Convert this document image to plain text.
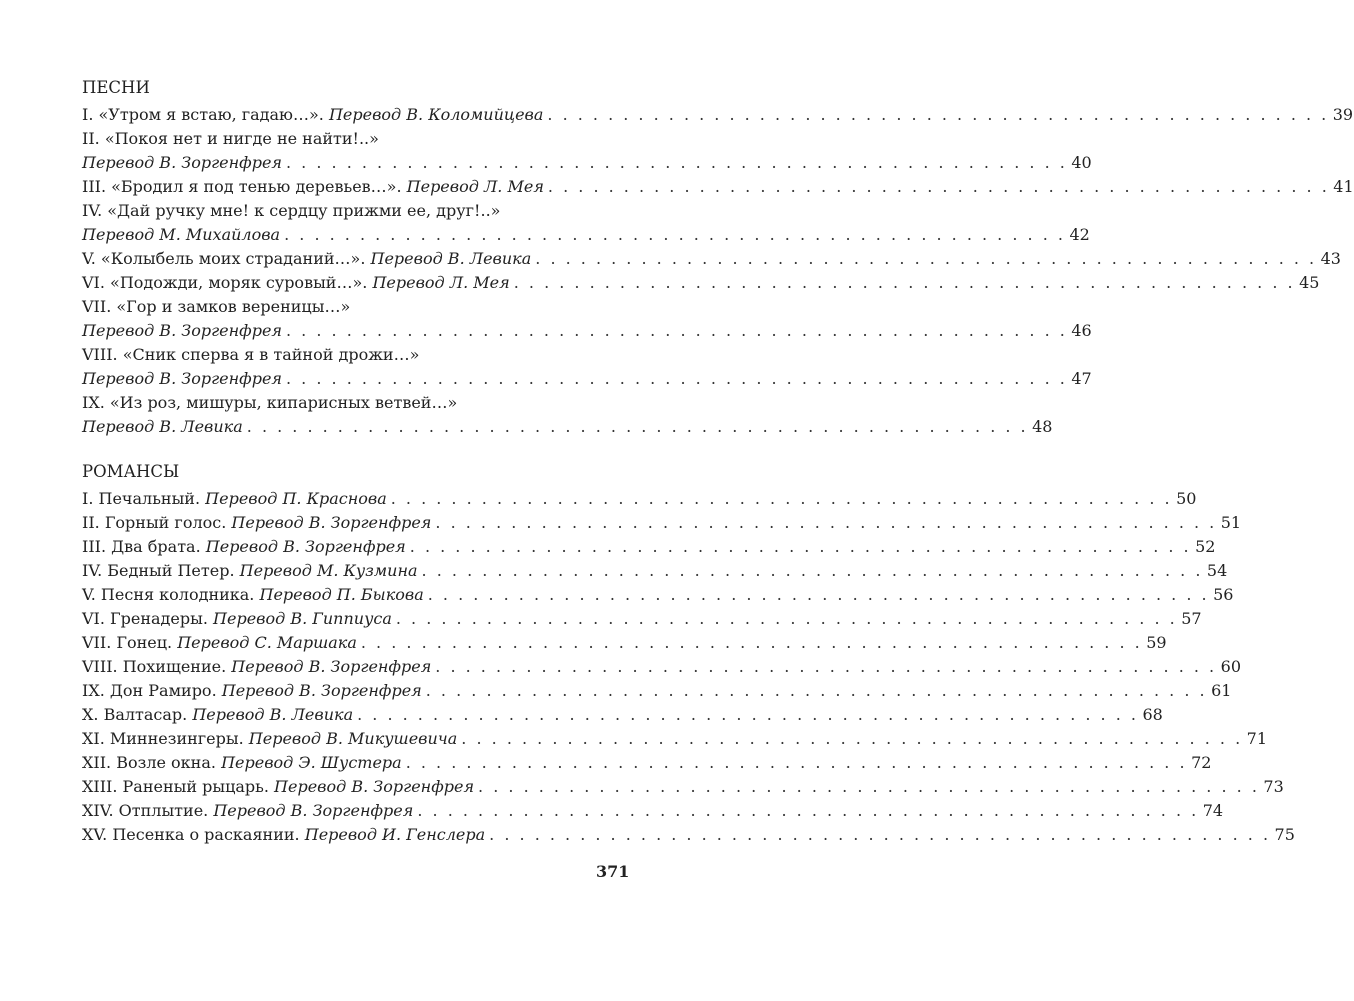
ПЕСНИ
I. «Утром я встаю, гадаю…». Перевод В. Коломийцева . . . . . . . . . . . . . . . . . . . . . . . . . . . . . . . . . . . . . . . . . . . . . . . . . . . . 39
II. «Покоя нет и нигде не найти!..»
Перевод В. Зоргенфрея . . . . . . . . . . . . . . . . . . . . . . . . . . . . . . . . . . . . . . . . . . . . . . . . . . . . 40
III. «Бродил я под тенью деревьев…». Перевод Л. Мея . . . . . . . . . . . . . . . . . . . . . . . . . . . . . . . . . . . . . . . . . . . . . . . . . . . . 41
IV. «Дай ручку мне! к сердцу прижми ее, друг!..»
Перевод М. Михайлова . . . . . . . . . . . . . . . . . . . . . . . . . . . . . . . . . . . . . . . . . . . . . . . . . . . . 42
V. «Колыбель моих страданий…». Перевод В. Левика . . . . . . . . . . . . . . . . . . . . . . . . . . . . . . . . . . . . . . . . . . . . . . . . . . . . 43
VI. «Подожди, моряк суровый…». Перевод Л. Мея . . . . . . . . . . . . . . . . . . . . . . . . . . . . . . . . . . . . . . . . . . . . . . . . . . . . 45
VII. «Гор и замков вереницы…»
Перевод В. Зоргенфрея . . . . . . . . . . . . . . . . . . . . . . . . . . . . . . . . . . . . . . . . . . . . . . . . . . . . 46
VIII. «Сник сперва я в тайной дрожи…»
Перевод В. Зоргенфрея . . . . . . . . . . . . . . . . . . . . . . . . . . . . . . . . . . . . . . . . . . . . . . . . . . . . 47
IX. «Из роз, мишуры, кипарисных ветвей…»
Перевод В. Левика . . . . . . . . . . . . . . . . . . . . . . . . . . . . . . . . . . . . . . . . . . . . . . . . . . . . 48
РОМАНСЫ
I. Печальный. Перевод П. Краснова . . . . . . . . . . . . . . . . . . . . . . . . . . . . . . . . . . . . . . . . . . . . . . . . . . . . 50
II. Горный голос. Перевод В. Зоргенфрея . . . . . . . . . . . . . . . . . . . . . . . . . . . . . . . . . . . . . . . . . . . . . . . . . . . . 51
III. Два брата. Перевод В. Зоргенфрея . . . . . . . . . . . . . . . . . . . . . . . . . . . . . . . . . . . . . . . . . . . . . . . . . . . . 52
IV. Бедный Петер. Перевод М. Кузмина . . . . . . . . . . . . . . . . . . . . . . . . . . . . . . . . . . . . . . . . . . . . . . . . . . . . 54
V. Песня колодника. Перевод П. Быкова . . . . . . . . . . . . . . . . . . . . . . . . . . . . . . . . . . . . . . . . . . . . . . . . . . . . 56
VI. Гренадеры. Перевод В. Гиппиуса . . . . . . . . . . . . . . . . . . . . . . . . . . . . . . . . . . . . . . . . . . . . . . . . . . . . 57
VII. Гонец. Перевод С. Маршака . . . . . . . . . . . . . . . . . . . . . . . . . . . . . . . . . . . . . . . . . . . . . . . . . . . . 59
VIII. Похищение. Перевод В. Зоргенфрея . . . . . . . . . . . . . . . . . . . . . . . . . . . . . . . . . . . . . . . . . . . . . . . . . . . . 60
IX. Дон Рамиро. Перевод В. Зоргенфрея . . . . . . . . . . . . . . . . . . . . . . . . . . . . . . . . . . . . . . . . . . . . . . . . . . . . 61
X. Валтасар. Перевод В. Левика . . . . . . . . . . . . . . . . . . . . . . . . . . . . . . . . . . . . . . . . . . . . . . . . . . . . 68
XI. Миннезингеры. Перевод В. Микушевича . . . . . . . . . . . . . . . . . . . . . . . . . . . . . . . . . . . . . . . . . . . . . . . . . . . . 71
XII. Возле окна. Перевод Э. Шустера . . . . . . . . . . . . . . . . . . . . . . . . . . . . . . . . . . . . . . . . . . . . . . . . . . . . 72
XIII. Раненый рыцарь. Перевод В. Зоргенфрея . . . . . . . . . . . . . . . . . . . . . . . . . . . . . . . . . . . . . . . . . . . . . . . . . . . . 73
XIV. Отплытие. Перевод В. Зоргенфрея . . . . . . . . . . . . . . . . . . . . . . . . . . . . . . . . . . . . . . . . . . . . . . . . . . . . 74
XV. Песенка о раскаянии. Перевод И. Генслера . . . . . . . . . . . . . . . . . . . . . . . . . . . . . . . . . . . . . . . . . . . . . . . . . . . . 75
371
